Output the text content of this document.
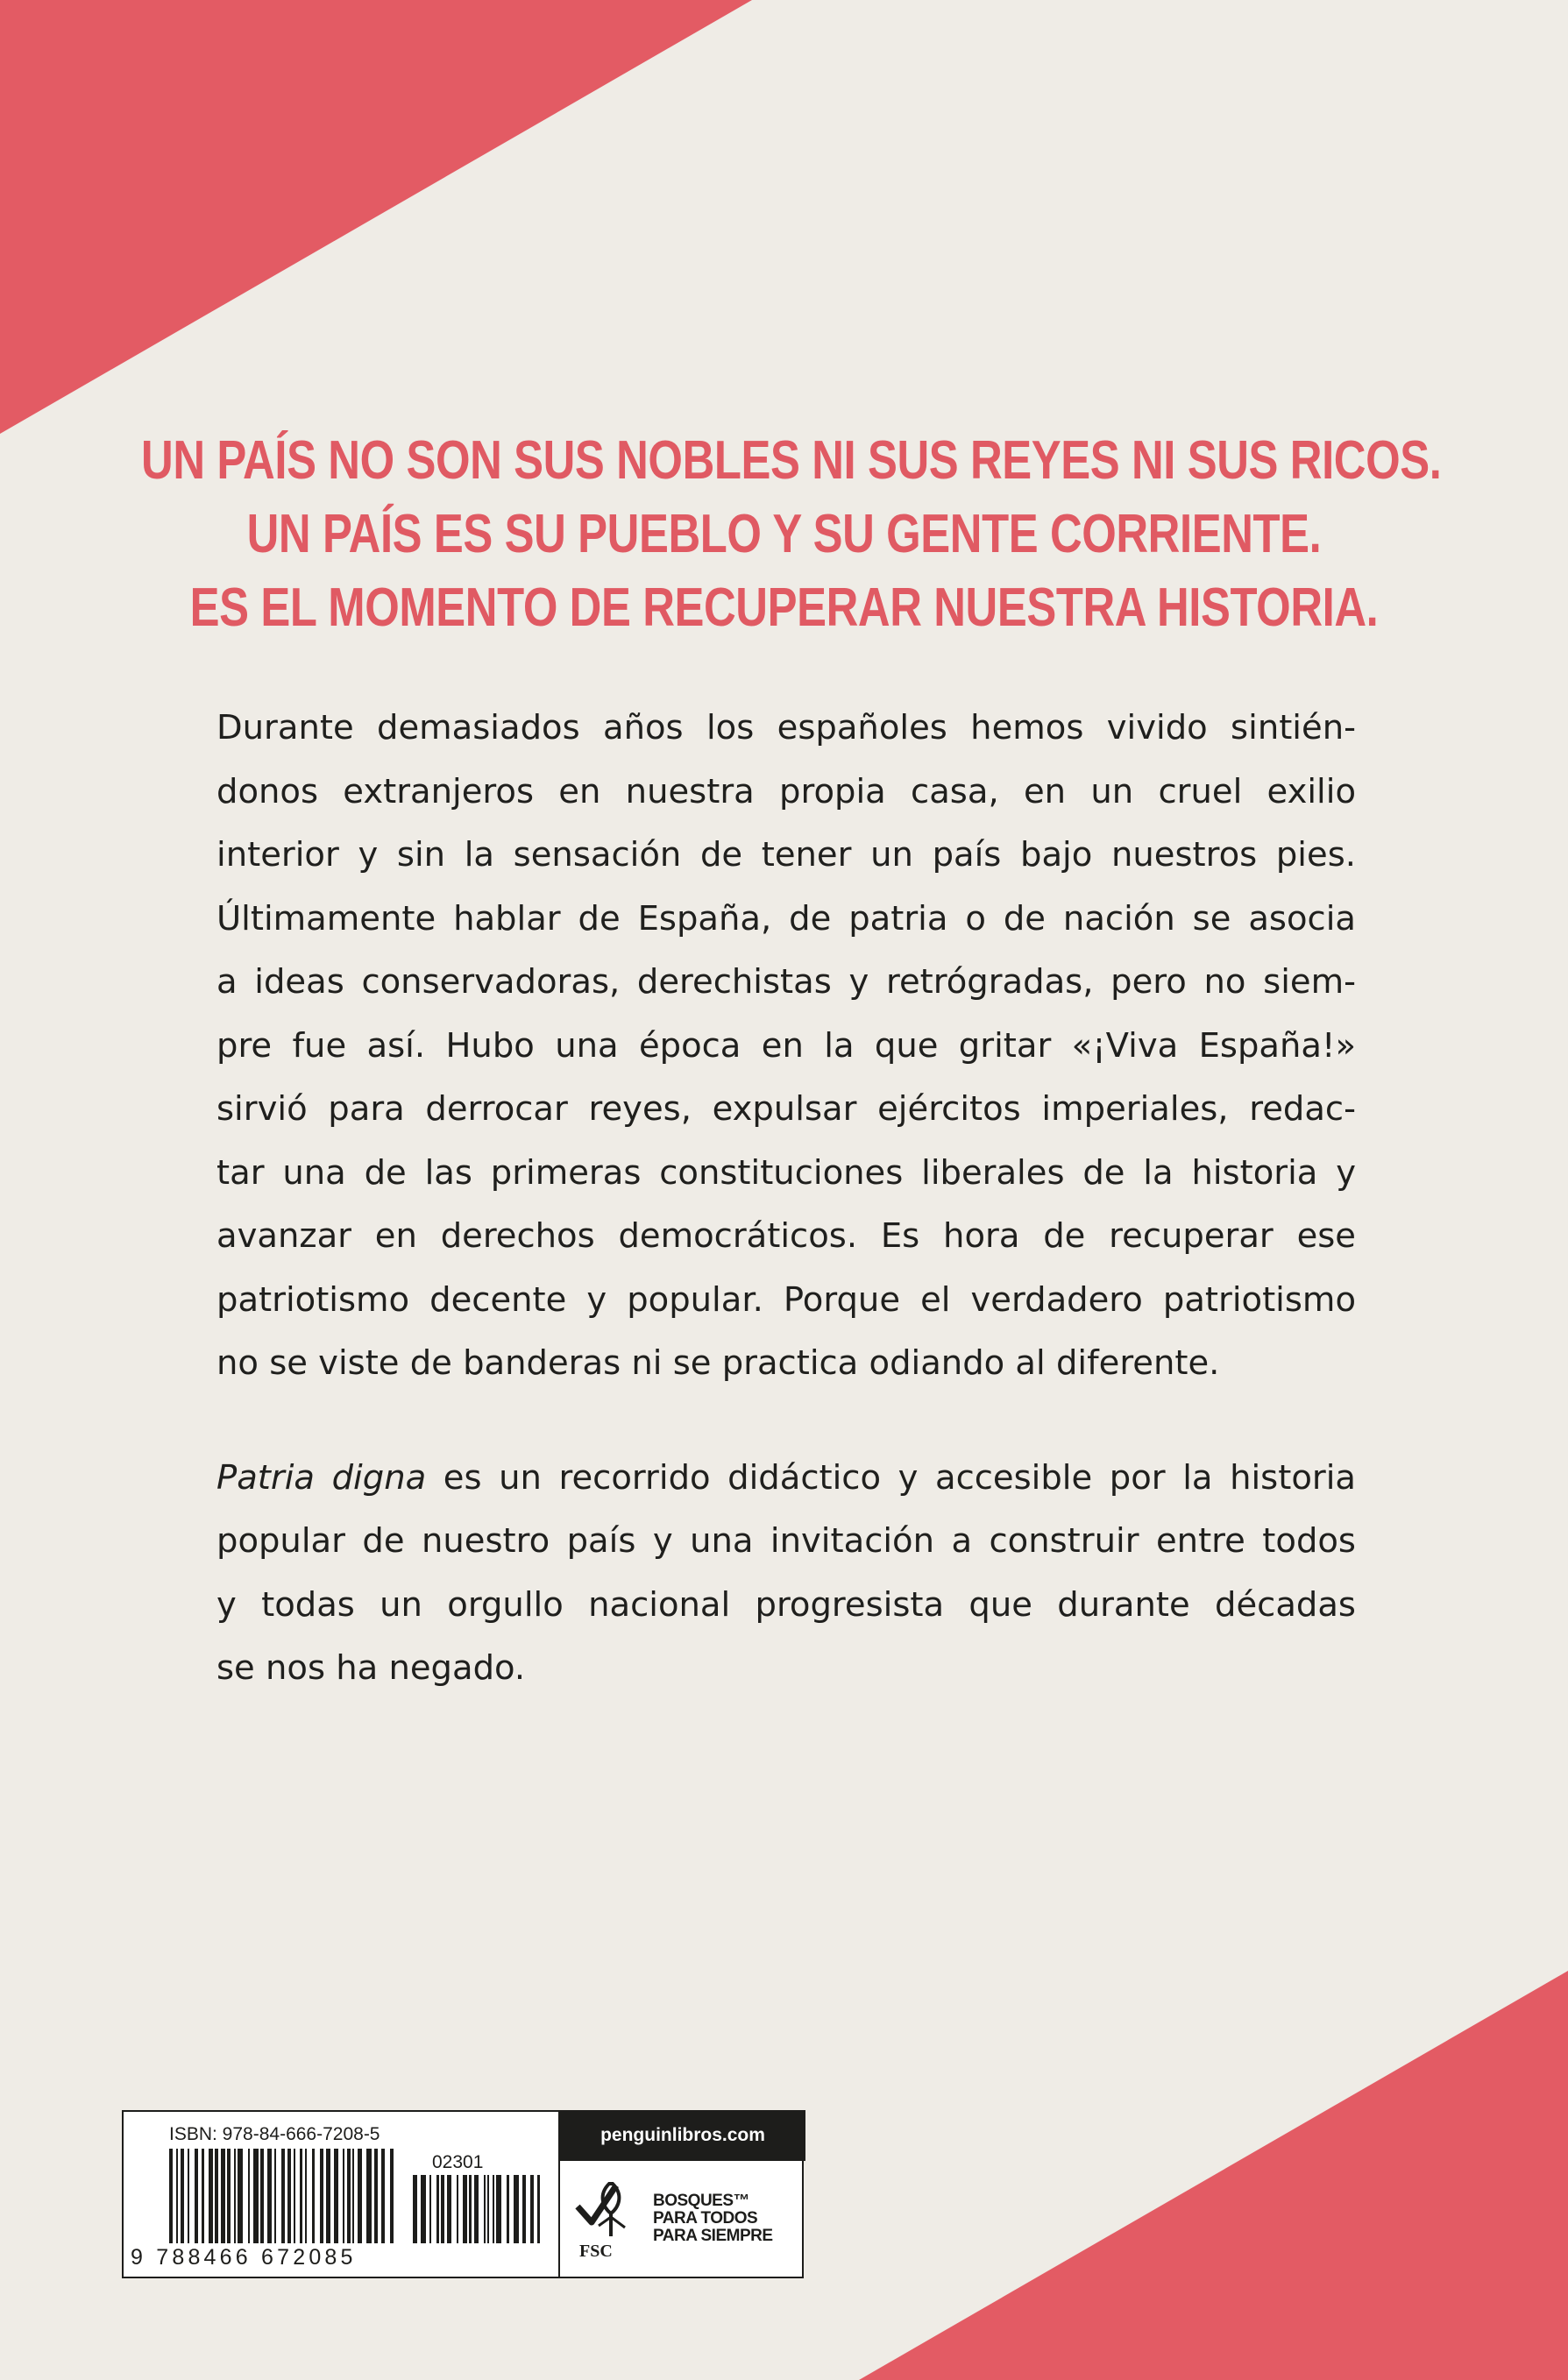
UN PAÍS NO SON SUS NOBLES NI SUS REYES NI SUS RICOS.
UN PAÍS ES SU PUEBLO Y SU GENTE CORRIENTE.
ES EL MOMENTO DE RECUPERAR NUESTRA HISTORIA.

Durante demasiados años los españoles hemos vivido sintién-
donos extranjeros en nuestra propia casa, en un cruel exilio
interior y sin la sensación de tener un país bajo nuestros pies.
Últimamente hablar de España, de patria o de nación se asocia
a ideas conservadoras, derechistas y retrógradas, pero no siem-
pre fue así. Hubo una época en la que gritar «¡Viva España!»
sirvió para derrocar reyes, expulsar ejércitos imperiales, redac-
tar una de las primeras constituciones liberales de la historia y
avanzar en derechos democráticos. Es hora de recuperar ese
patriotismo decente y popular. Porque el verdadero patriotismo
no se viste de banderas ni se practica odiando al diferente.

Patria digna es un recorrido didáctico y accesible por la historia
popular de nuestro país y una invitación a construir entre todos
y todas un orgullo nacional progresista que durante décadas
se nos ha negado.

ISBN: 978-84-666-7208-5
02301
9 788466 672085
penguinlibros.com
FSC
BOSQUES™
PARA TODOS
PARA SIEMPRE
